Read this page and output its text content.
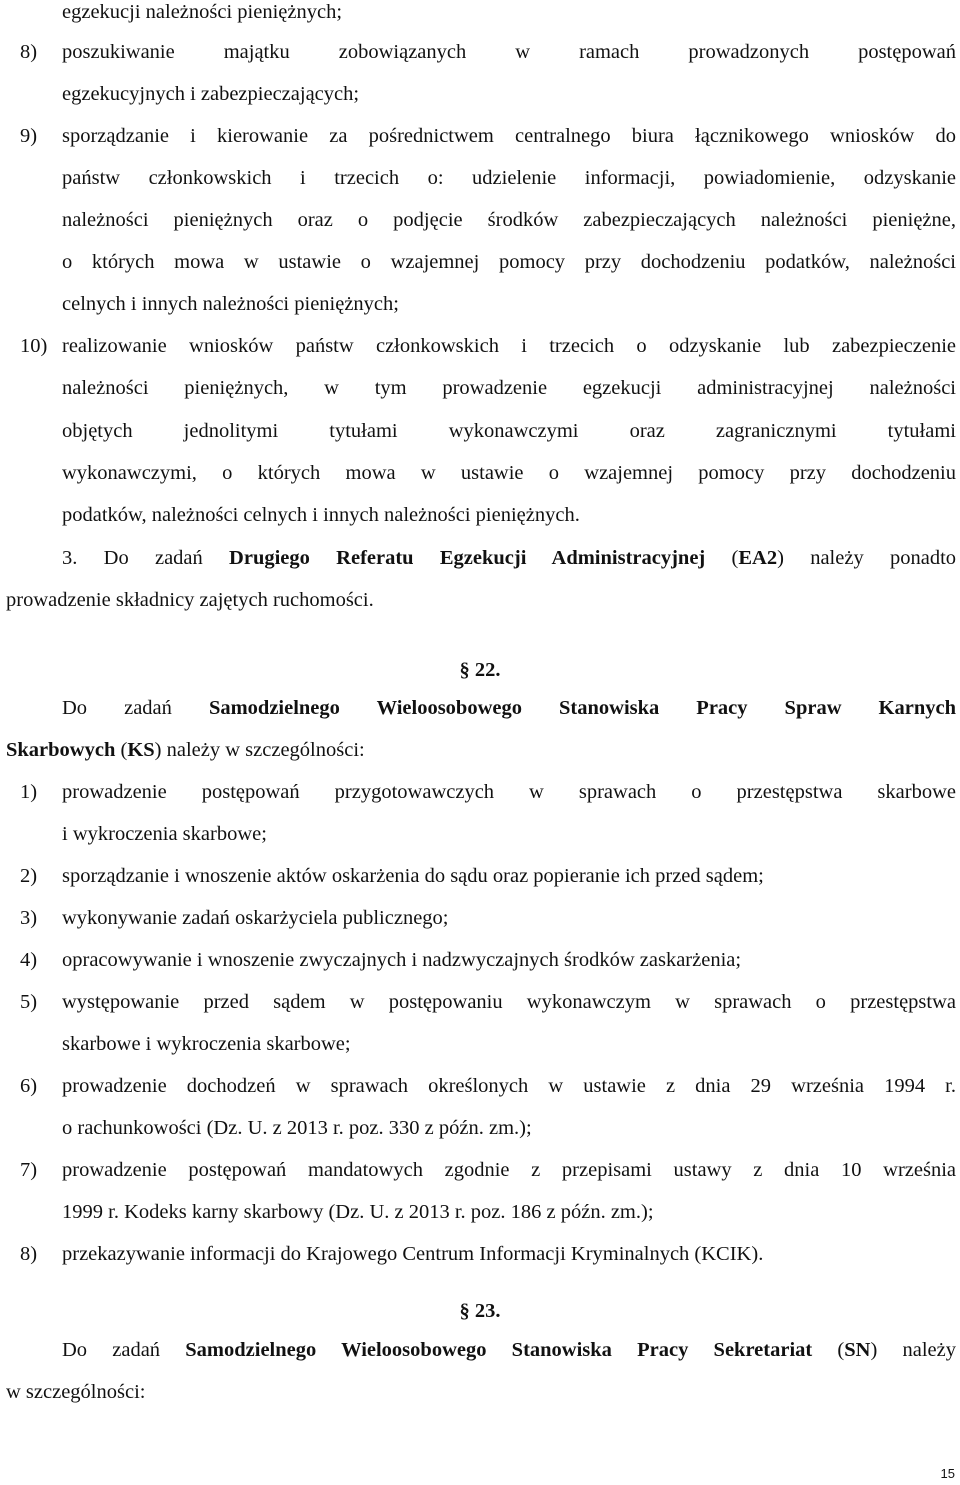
egzekucji należności pieniężnych;
8) poszukiwanie majątku zobowiązanych w ramach prowadzonych postępowań
egzekucyjnych i zabezpieczających;
9) sporządzanie i kierowanie za pośrednictwem centralnego biura łącznikowego wniosków do
państw członkowskich i trzecich o: udzielenie informacji, powiadomienie, odzyskanie
należności pieniężnych oraz o podjęcie środków zabezpieczających należności pieniężne,
o których mowa w ustawie o wzajemnej pomocy przy dochodzeniu podatków, należności
celnych i innych należności pieniężnych;
10) realizowanie wniosków państw członkowskich i trzecich o odzyskanie lub zabezpieczenie
należności pieniężnych, w tym prowadzenie egzekucji administracyjnej należności
objętych jednolitymi tytułami wykonawczymi oraz zagranicznymi tytułami
wykonawczymi, o których mowa w ustawie o wzajemnej pomocy przy dochodzeniu
podatków, należności celnych i innych należności pieniężnych.
3. Do zadań Drugiego Referatu Egzekucji Administracyjnej (EA2) należy ponadto
prowadzenie składnicy zajętych ruchomości.
§ 22.
Do zadań Samodzielnego Wieloosobowego Stanowiska Pracy Spraw Karnych
Skarbowych (KS) należy w szczególności:
1) prowadzenie postępowań przygotowawczych w sprawach o przestępstwa skarbowe
i wykroczenia skarbowe;
2) sporządzanie i wnoszenie aktów oskarżenia do sądu oraz popieranie ich przed sądem;
3) wykonywanie zadań oskarżyciela publicznego;
4) opracowywanie i wnoszenie zwyczajnych i nadzwyczajnych środków zaskarżenia;
5) występowanie przed sądem w postępowaniu wykonawczym w sprawach o przestępstwa
skarbowe i wykroczenia skarbowe;
6) prowadzenie dochodzeń w sprawach określonych w ustawie z dnia 29 września 1994 r.
o rachunkowości (Dz. U. z 2013 r. poz. 330 z późn. zm.);
7) prowadzenie postępowań mandatowych zgodnie z przepisami ustawy z dnia 10 września
1999 r. Kodeks karny skarbowy (Dz. U. z 2013 r. poz. 186 z późn. zm.);
8) przekazywanie informacji do Krajowego Centrum Informacji Kryminalnych (KCIK).
§ 23.
Do zadań Samodzielnego Wieloosobowego Stanowiska Pracy Sekretariat (SN) należy
w szczególności:
15
